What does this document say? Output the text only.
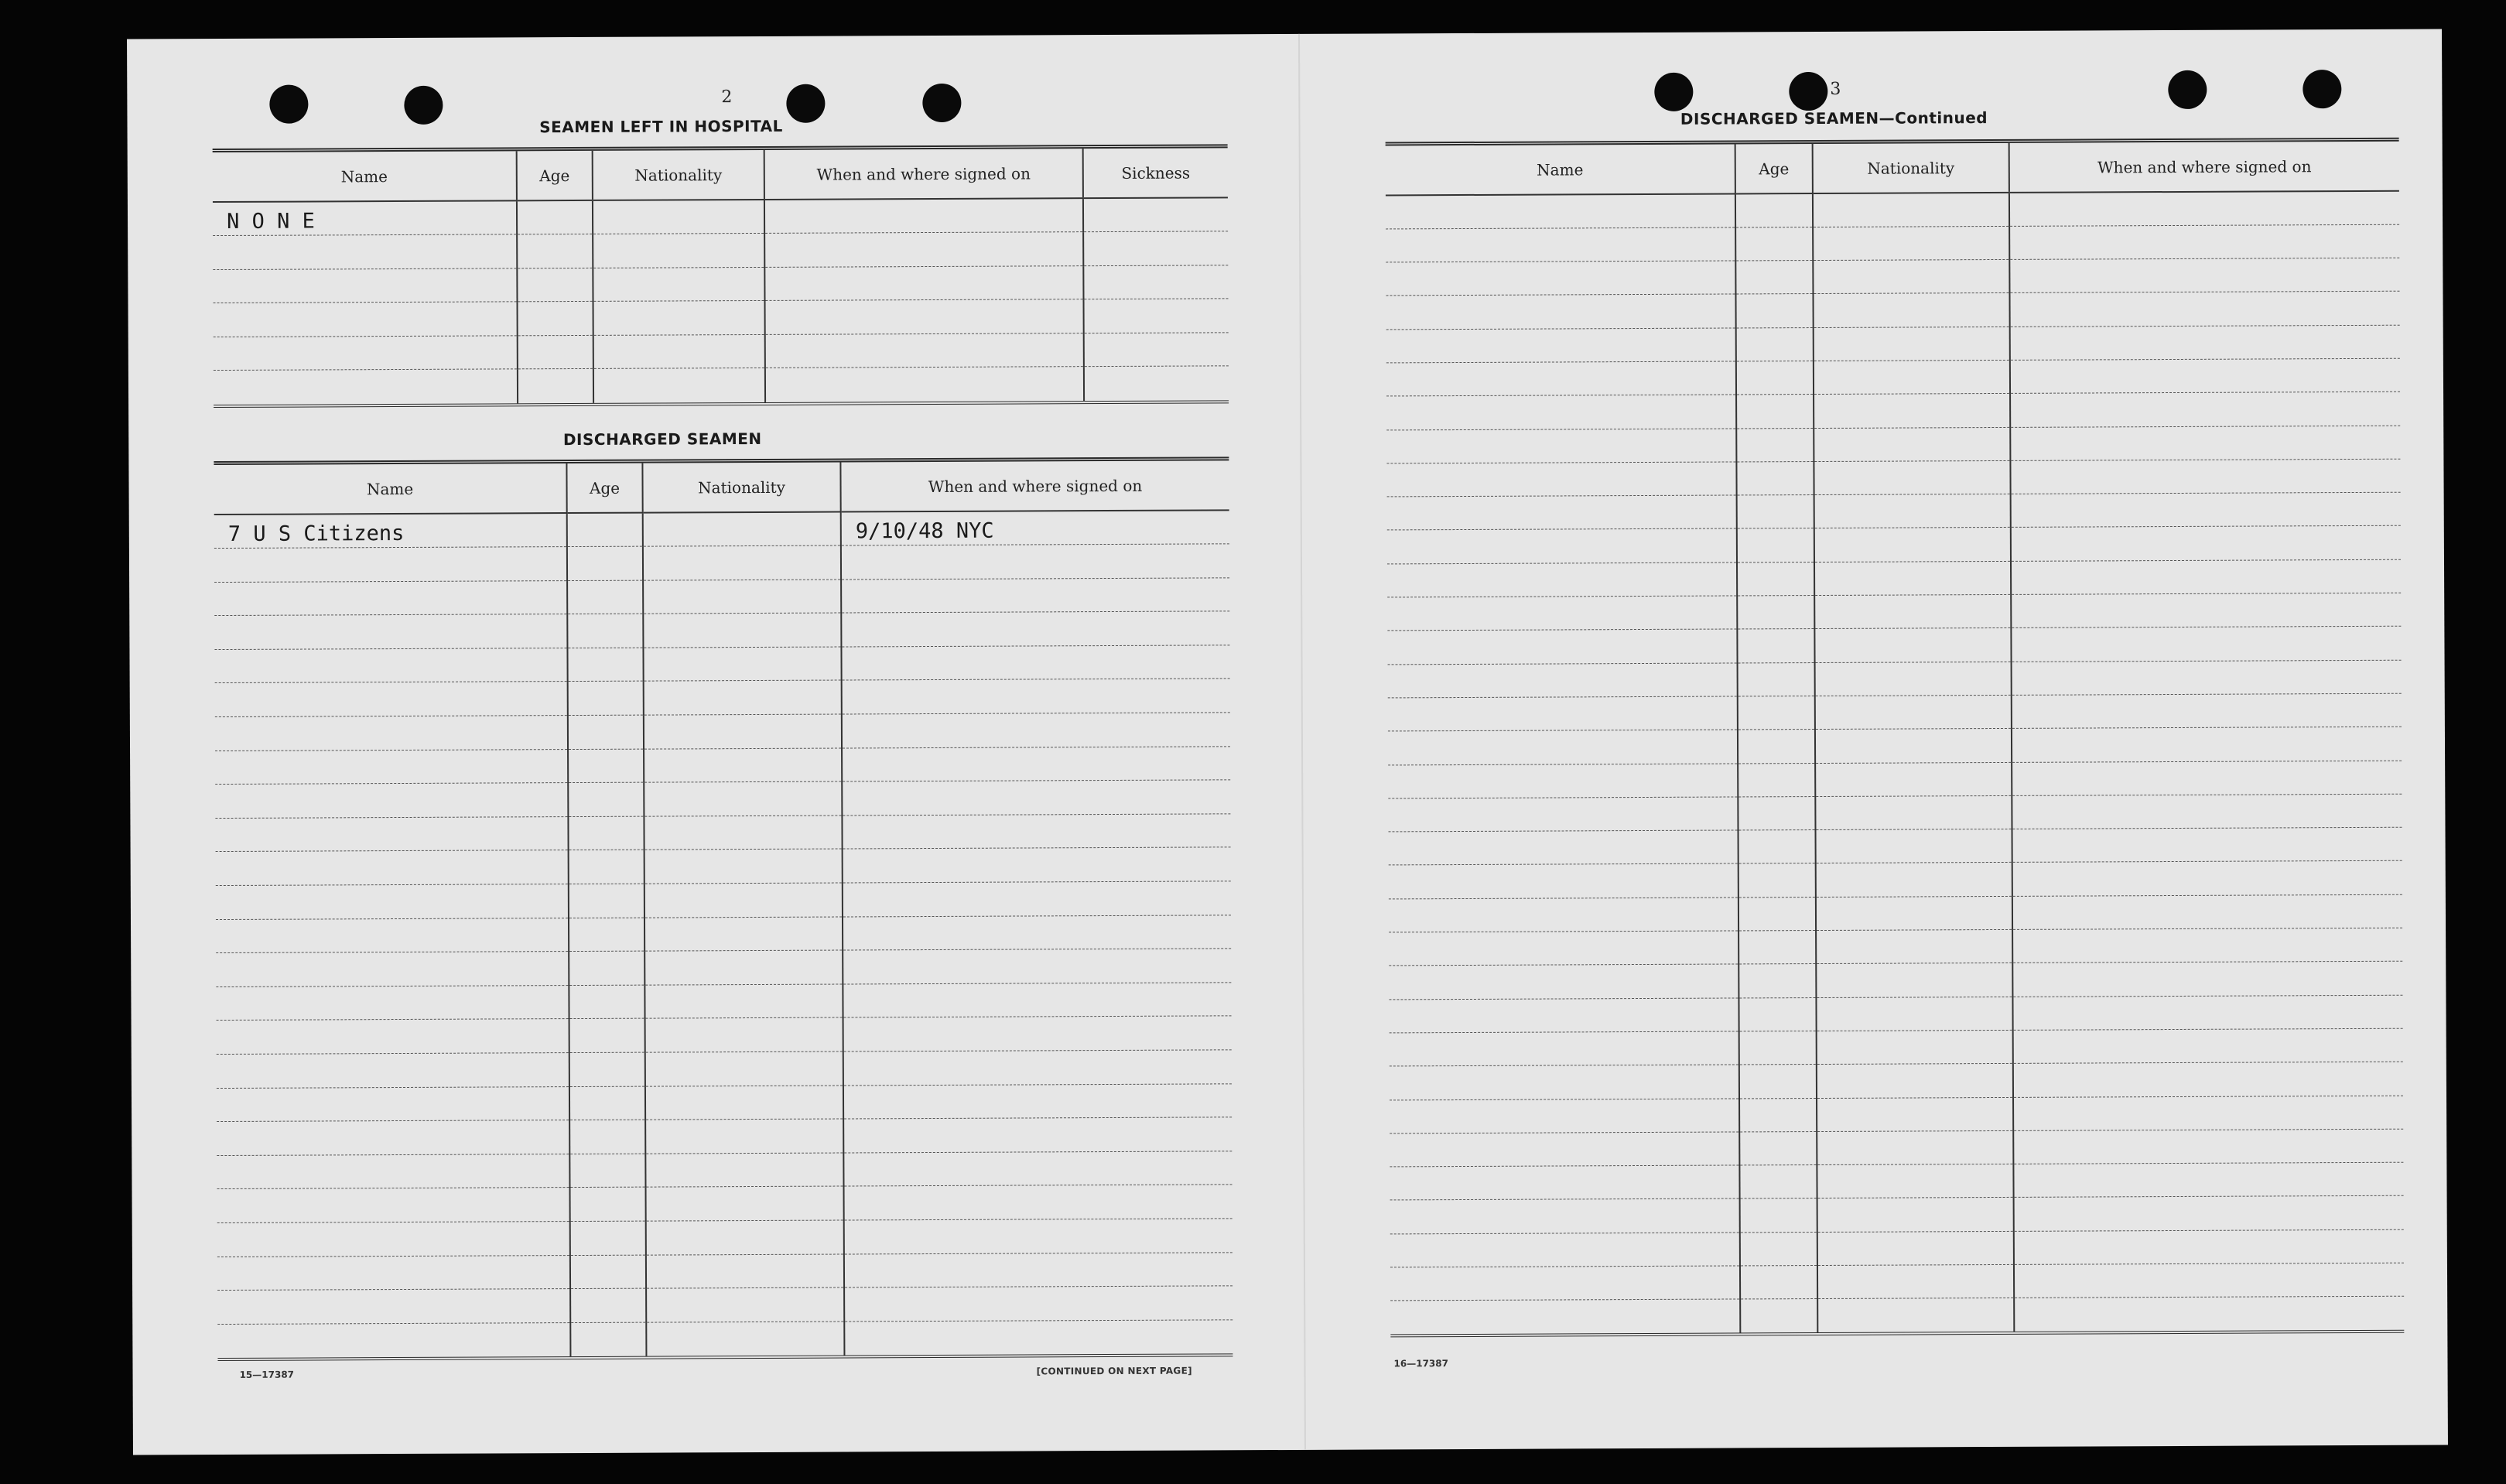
2
SEAMEN LEFT IN HOSPITAL
Name	Age	Nationality	When and where signed on	Sickness
N O N E				

DISCHARGED SEAMEN
Name	Age	Nationality	When and where signed on
7 U S Citizens			9/10/48 NYC

15—17387	[CONTINUED ON NEXT PAGE]
3
DISCHARGED SEAMEN—Continued
Name	Age	Nationality	When and where signed on

16—17387
